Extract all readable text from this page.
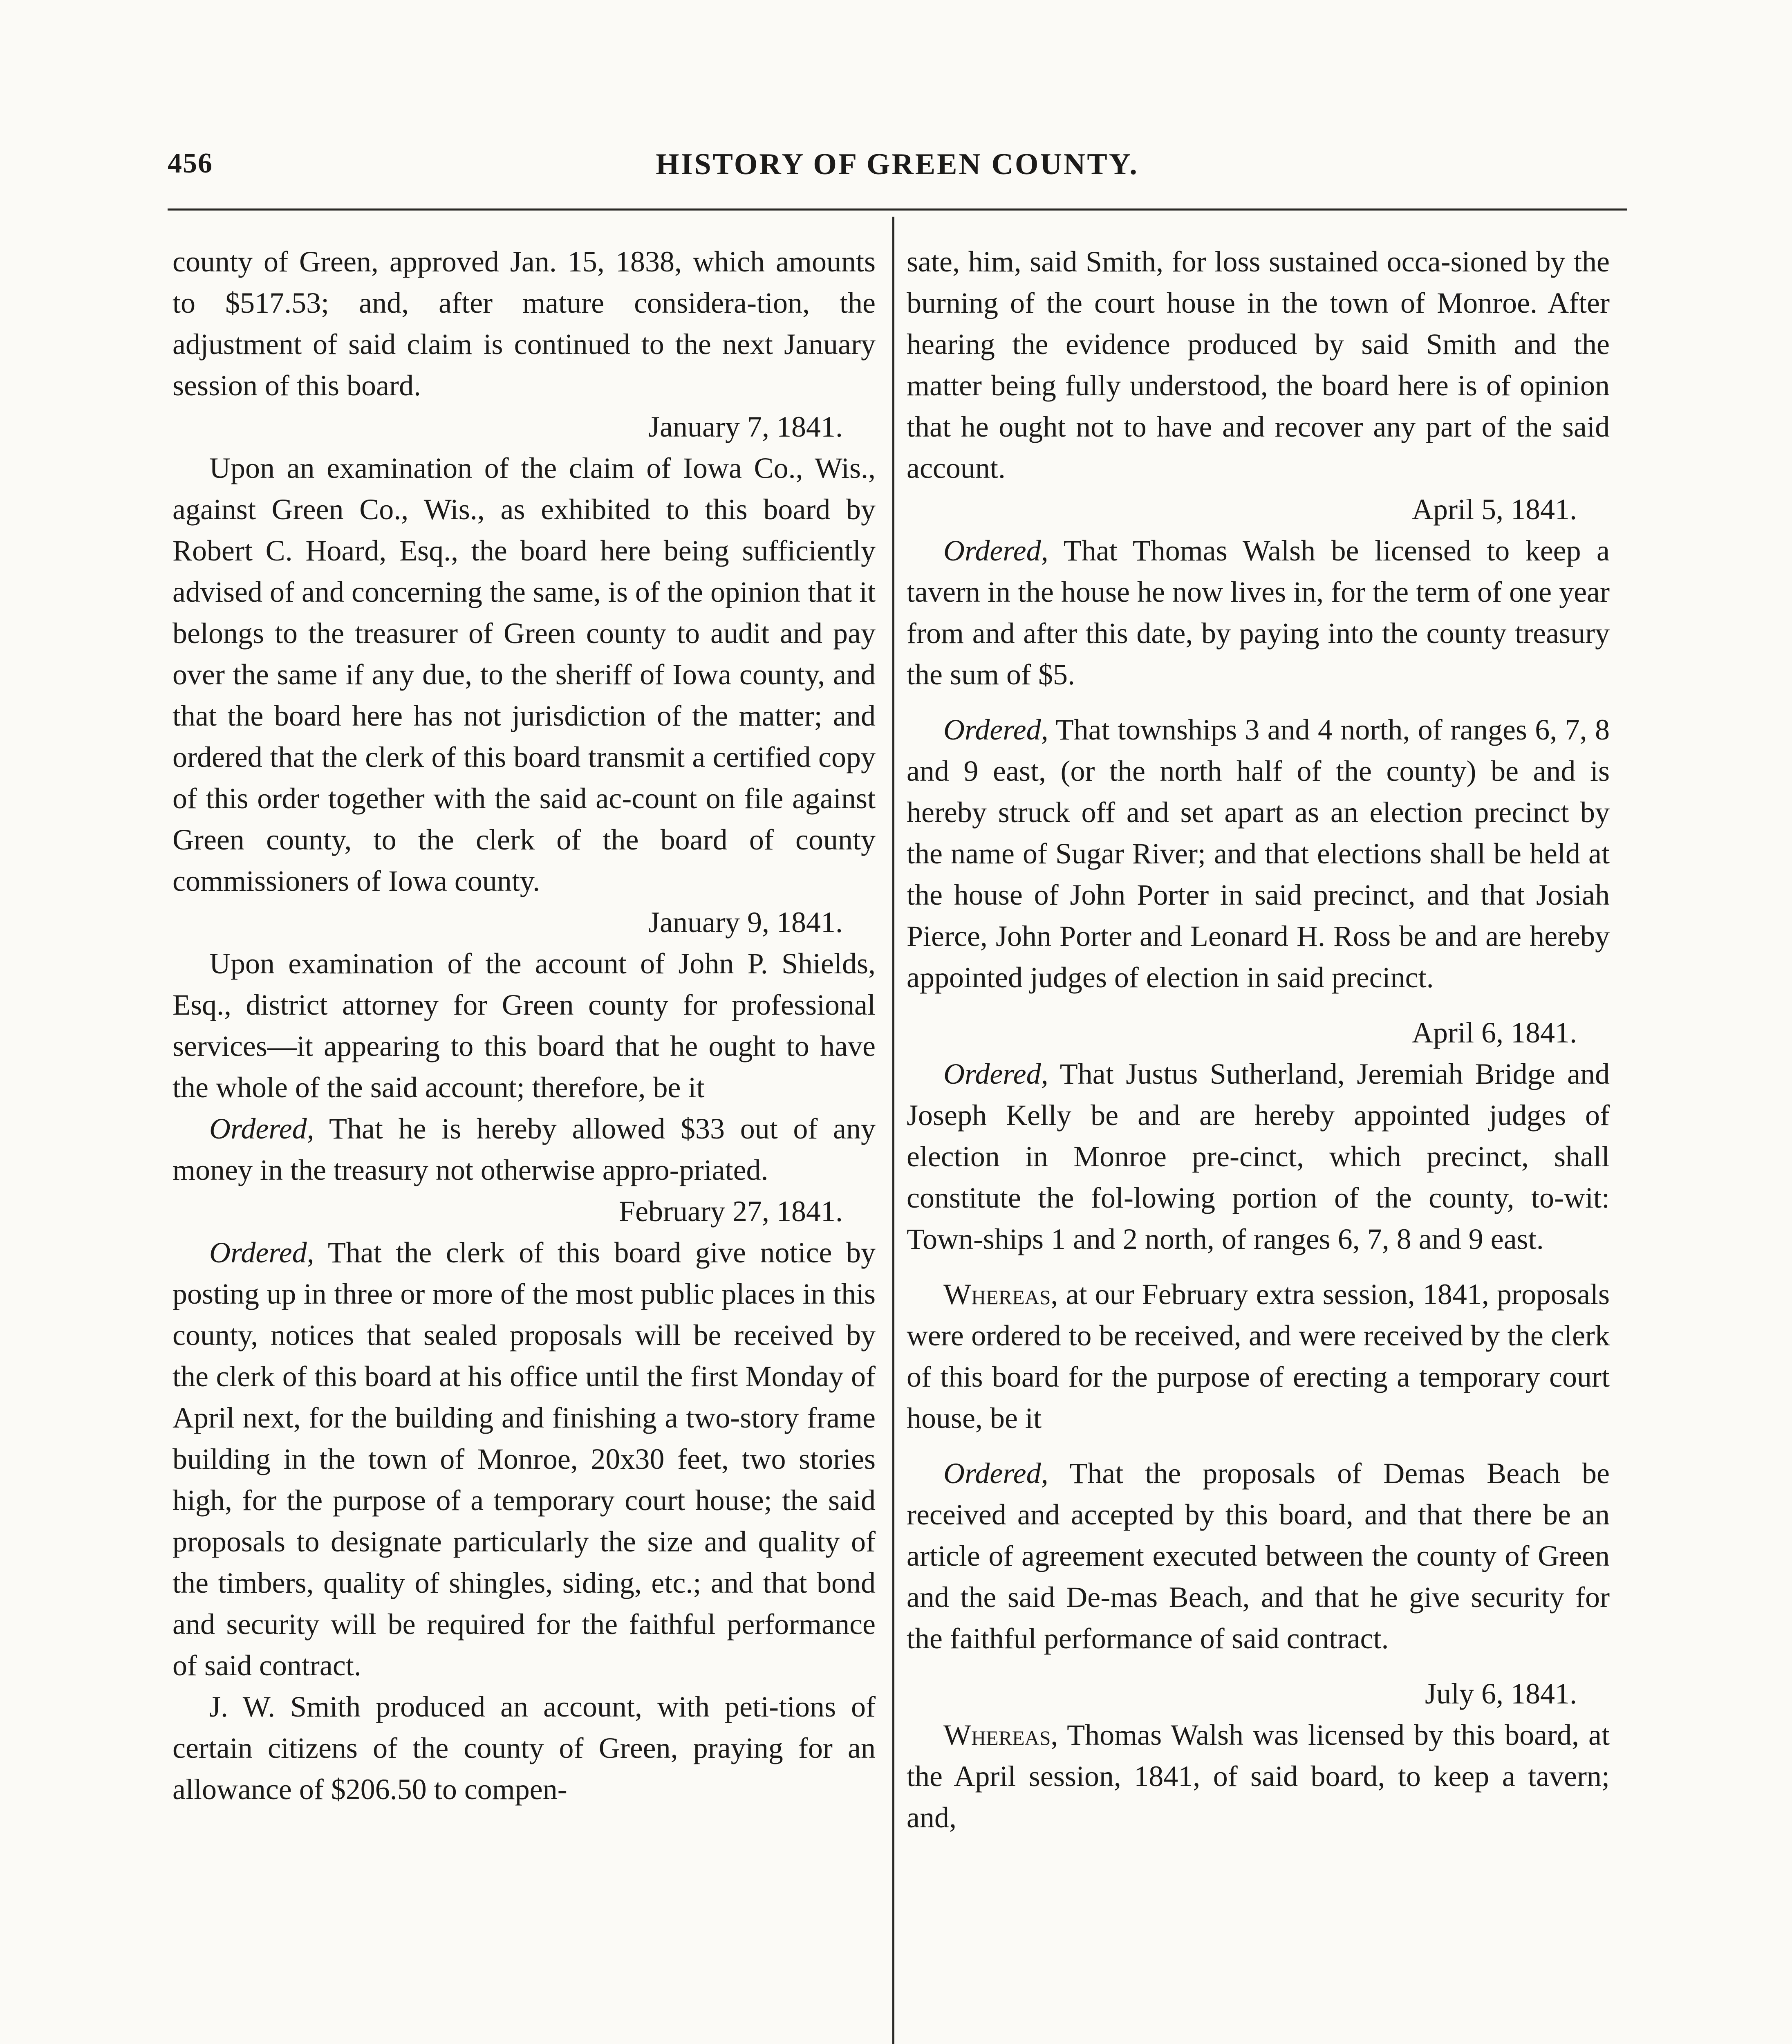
456	HISTORY OF GREEN COUNTY.

county of Green, approved Jan. 15, 1838, which amounts to $517.53; and, after mature considera-tion, the adjustment of said claim is continued to the next January session of this board.

January 7, 1841.

Upon an examination of the claim of Iowa Co., Wis., against Green Co., Wis., as exhibited to this board by Robert C. Hoard, Esq., the board here being sufficiently advised of and concerning the same, is of the opinion that it belongs to the treasurer of Green county to audit and pay over the same if any due, to the sheriff of Iowa county, and that the board here has not jurisdiction of the matter; and ordered that the clerk of this board transmit a certified copy of this order together with the said ac-count on file against Green county, to the clerk of the board of county commissioners of Iowa county.

January 9, 1841.

Upon examination of the account of John P. Shields, Esq., district attorney for Green county for professional services—it appearing to this board that he ought to have the whole of the said account; therefore, be it

Ordered, That he is hereby allowed $33 out of any money in the treasury not otherwise appro-priated.

February 27, 1841.

Ordered, That the clerk of this board give notice by posting up in three or more of the most public places in this county, notices that sealed proposals will be received by the clerk of this board at his office until the first Monday of April next, for the building and finishing a two-story frame building in the town of Monroe, 20x30 feet, two stories high, for the purpose of a temporary court house; the said proposals to designate particularly the size and quality of the timbers, quality of shingles, siding, etc.; and that bond and security will be required for the faithful performance of said contract.

J. W. Smith produced an account, with peti-tions of certain citizens of the county of Green, praying for an allowance of $206.50 to compen-

sate, him, said Smith, for loss sustained occa-sioned by the burning of the court house in the town of Monroe. After hearing the evidence produced by said Smith and the matter being fully understood, the board here is of opinion that he ought not to have and recover any part of the said account.

April 5, 1841.

Ordered, That Thomas Walsh be licensed to keep a tavern in the house he now lives in, for the term of one year from and after this date, by paying into the county treasury the sum of $5.

Ordered, That townships 3 and 4 north, of ranges 6, 7, 8 and 9 east, (or the north half of the county) be and is hereby struck off and set apart as an election precinct by the name of Sugar River; and that elections shall be held at the house of John Porter in said precinct, and that Josiah Pierce, John Porter and Leonard H. Ross be and are hereby appointed judges of election in said precinct.

April 6, 1841.

Ordered, That Justus Sutherland, Jeremiah Bridge and Joseph Kelly be and are hereby appointed judges of election in Monroe pre-cinct, which precinct, shall constitute the fol-lowing portion of the county, to-wit: Town-ships 1 and 2 north, of ranges 6, 7, 8 and 9 east.

Whereas, at our February extra session, 1841, proposals were ordered to be received, and were received by the clerk of this board for the purpose of erecting a temporary court house, be it

Ordered, That the proposals of Demas Beach be received and accepted by this board, and that there be an article of agreement executed between the county of Green and the said De-mas Beach, and that he give security for the faithful performance of said contract.

July 6, 1841.

Whereas, Thomas Walsh was licensed by this board, at the April session, 1841, of said board, to keep a tavern; and,
